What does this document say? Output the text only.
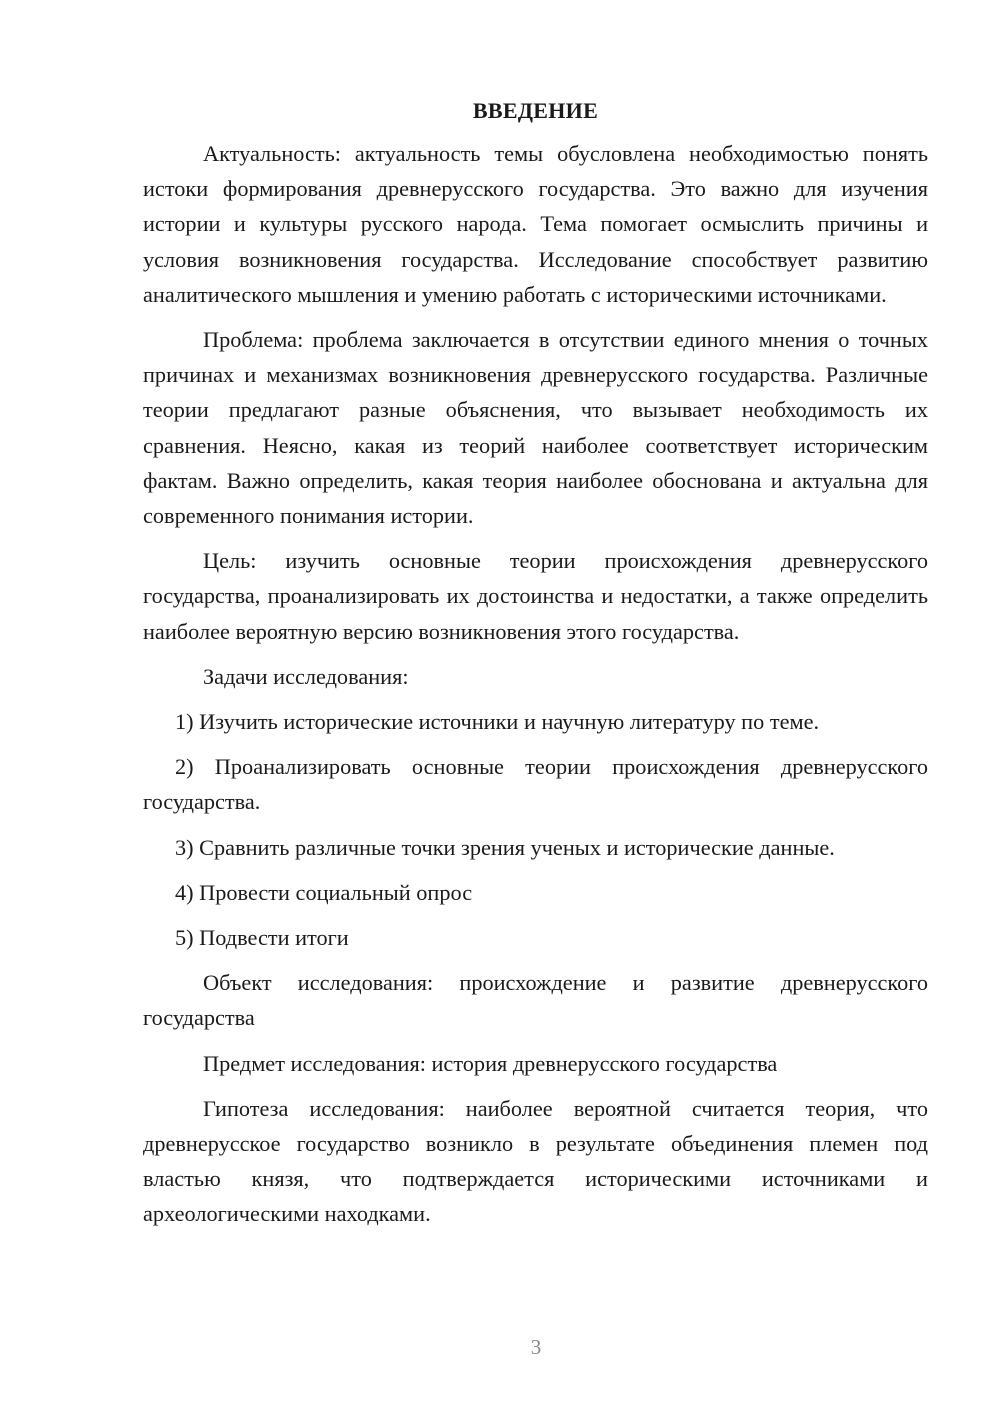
ВВЕДЕНИЕ

Актуальность: актуальность темы обусловлена необходимостью понять истоки формирования древнерусского государства. Это важно для изучения истории и культуры русского народа. Тема помогает осмыслить причины и условия возникновения государства. Исследование способствует развитию аналитического мышления и умению работать с историческими источниками.

Проблема: проблема заключается в отсутствии единого мнения о точных причинах и механизмах возникновения древнерусского государства. Различные теории предлагают разные объяснения, что вызывает необходимость их сравнения. Неясно, какая из теорий наиболее соответствует историческим фактам. Важно определить, какая теория наиболее обоснована и актуальна для современного понимания истории.

Цель: изучить основные теории происхождения древнерусского государства, проанализировать их достоинства и недостатки, а также определить наиболее вероятную версию возникновения этого государства.

Задачи исследования:

1) Изучить исторические источники и научную литературу по теме.

2) Проанализировать основные теории происхождения древнерусского государства.

3) Сравнить различные точки зрения ученых и исторические данные.

4) Провести социальный опрос

5) Подвести итоги

Объект исследования: происхождение и развитие древнерусского государства

Предмет исследования: история древнерусского государства

Гипотеза исследования: наиболее вероятной считается теория, что древнерусское государство возникло в результате объединения племен под властью князя, что подтверждается историческими источниками и археологическими находками.

3
